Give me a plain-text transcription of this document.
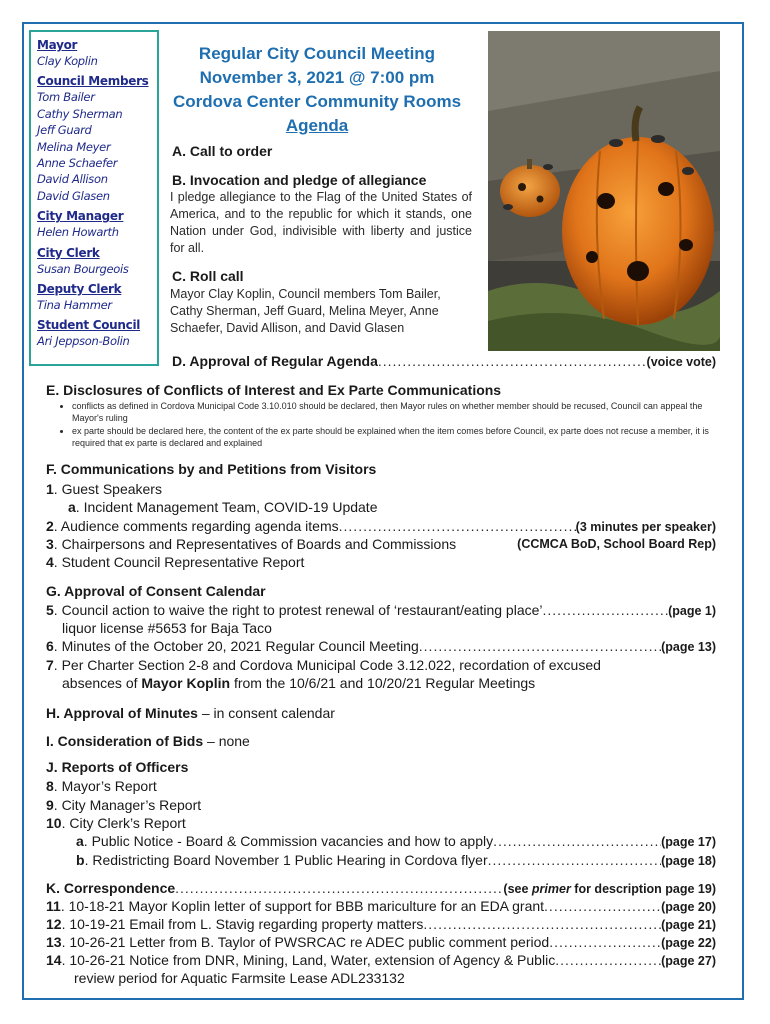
Mayor
Clay Koplin
Council Members
Tom Bailer
Cathy Sherman
Jeff Guard
Melina Meyer
Anne Schaefer
David Allison
David Glasen
City Manager
Helen Howarth
City Clerk
Susan Bourgeois
Deputy Clerk
Tina Hammer
Student Council
Ari Jeppson-Bolin
Regular City Council Meeting
November 3, 2021 @ 7:00 pm
Cordova Center Community Rooms
Agenda
A. Call to order
B. Invocation and pledge of allegiance
I pledge allegiance to the Flag of the United States of America, and to the republic for which it stands, one Nation under God, indivisible with liberty and justice for all.
C. Roll call
Mayor Clay Koplin, Council members Tom Bailer, Cathy Sherman, Jeff Guard, Melina Meyer, Anne Schaefer, David Allison, and David Glasen
D. Approval of Regular Agenda .....	(voice vote)
E. Disclosures of Conflicts of Interest and Ex Parte Communications
• conflicts as defined in Cordova Municipal Code 3.10.010 should be declared, then Mayor rules on whether member should be recused, Council can appeal the Mayor's ruling
• ex parte should be declared here, the content of the ex parte should be explained when the item comes before Council, ex parte does not recuse a member, it is required that ex parte is declared and explained
F. Communications by and Petitions from Visitors
1. Guest Speakers
a. Incident Management Team, COVID-19 Update
2 . Audience comments regarding agenda items .....	(3 minutes per speaker)
3. Chairpersons and Representatives of Boards and Commissions	(CCMCA BoD, School Board Rep)
4. Student Council Representative Report
G. Approval of Consent Calendar
5 . Council action to waive the right to protest renewal of ‘restaurant/eating place’ .....	(page 1)
liquor license #5653 for Baja Taco
6 . Minutes of the October 20, 2021 Regular Council Meeting .....	(page 13)
7. Per Charter Section 2-8 and Cordova Municipal Code 3.12.022, recordation of excused
absences of Mayor Koplin from the 10/6/21 and 10/20/21 Regular Meetings
H. Approval of Minutes – in consent calendar
I. Consideration of Bids – none
J. Reports of Officers
8. Mayor’s Report
9. City Manager’s Report
10. City Clerk’s Report
a . Public Notice - Board & Commission vacancies and how to apply .....	(page 17)
b . Redistricting Board November 1 Public Hearing in Cordova flyer .....	(page 18)
K. Correspondence .....	(see primer for description page 19)
11 . 10-18-21 Mayor Koplin letter of support for BBB mariculture for an EDA grant .....	(page 20)
12 . 10-19-21 Email from L. Stavig regarding property matters .....	(page 21)
13 . 10-26-21 Letter from B. Taylor of PWSRCAC re ADEC public comment period .....	(page 22)
14 . 10-26-21 Notice from DNR, Mining, Land, Water, extension of Agency & Public .....	(page 27)
review period for Aquatic Farmsite Lease ADL233132
